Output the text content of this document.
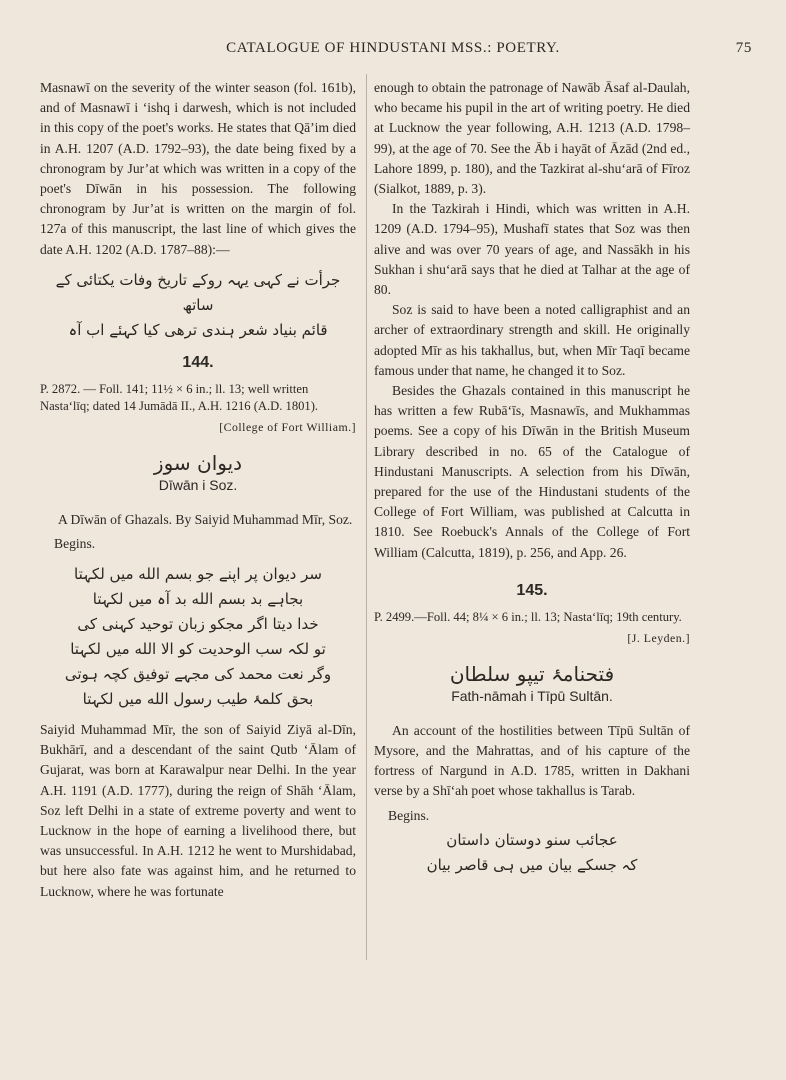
CATALOGUE OF HINDUSTANI MSS.: POETRY.	75

Masnawī on the severity of the winter season (fol. 161b), and of Masnawī i ‘ishq i darwesh, which is not included in this copy of the poet's works. He states that Qā’im died in A.H. 1207 (A.D. 1792–93), the date being fixed by a chronogram by Jur’at which was written in a copy of the poet's Dīwān in his possession. The following chronogram by Jur’at is written on the margin of fol. 127a of this manuscript, the last line of which gives the date A.H. 1202 (A.D. 1787–88):—

جرأت نے کہی یہہ روکے تاریخ وفات یکتائی کے ساتھ
قائم بنیاد شعر ہندی ترھی کیا کہئے اب آہ
144.

P. 2872. — Foll. 141; 11½ × 6 in.; ll. 13; well written Nasta‘līq; dated 14 Jumādā II., A.H. 1216 (A.D. 1801).

[College of Fort William.]
دیوان سوز
Dīwān i Soz.

A Dīwān of Ghazals. By Saiyid Muhammad Mīr, Soz.

Begins.
سر دیوان پر اپنے جو بسم الله میں لکہتا
بجاہے بد بسم الله بد آہ میں لکہتا
خدا دیتا اگر مجکو زبان توحید کہنی کی
تو لکہ سب الوحدیت کو الا الله میں لکہتا
وگر نعت محمد کی مجہے توفیق کچہ ہوتی
بحق کلمۂ طیب رسول الله میں لکہتا

Saiyid Muhammad Mīr, the son of Saiyid Ziyā al-Dīn, Bukhārī, and a descendant of the saint Qutb ‘Ālam of Gujarat, was born at Karawalpur near Delhi. In the year A.H. 1191 (A.D. 1777), during the reign of Shāh ‘Ālam, Soz left Delhi in a state of extreme poverty and went to Lucknow in the hope of earning a livelihood there, but was unsuccessful. In A.H. 1212 he went to Murshidabad, but here also fate was against him, and he returned to Lucknow, where he was fortunate

enough to obtain the patronage of Nawāb Āsaf al-Daulah, who became his pupil in the art of writing poetry. He died at Lucknow the year following, A.H. 1213 (A.D. 1798–99), at the age of 70. See the Āb i hayāt of Āzād (2nd ed., Lahore 1899, p. 180), and the Tazkirat al-shu‘arā of Fīroz (Sialkot, 1889, p. 3).

In the Tazkirah i Hindi, which was written in A.H. 1209 (A.D. 1794–95), Mushafī states that Soz was then alive and was over 70 years of age, and Nassākh in his Sukhan i shu‘arā says that he died at Talhar at the age of 80.

Soz is said to have been a noted calligraphist and an archer of extraordinary strength and skill. He originally adopted Mīr as his takhallus, but, when Mīr Taqī became famous under that name, he changed it to Soz.

Besides the Ghazals contained in this manuscript he has written a few Rubā‘īs, Masnawīs, and Mukhammas poems. See a copy of his Dīwān in the British Museum Library described in no. 65 of the Catalogue of Hindustani Manuscripts. A selection from his Dīwān, prepared for the use of the Hindustani students of the College of Fort William, was published at Calcutta in 1810. See Roebuck's Annals of the College of Fort William (Calcutta, 1819), p. 256, and App. 26.

145.

P. 2499.—Foll. 44; 8¼ × 6 in.; ll. 13; Nasta‘līq; 19th century.

[J. Leyden.]
فتحنامۂ تیپو سلطان
Fath-nāmah i Tīpū Sultān.

An account of the hostilities between Tīpū Sultān of Mysore, and the Mahrattas, and of his capture of the fortress of Nargund in A.D. 1785, written in Dakhani verse by a Shī‘ah poet whose takhallus is Tarab.

Begins.
عجائب سنو دوستان داستان
کہ جسکے بیان میں ہی قاصر بیان
